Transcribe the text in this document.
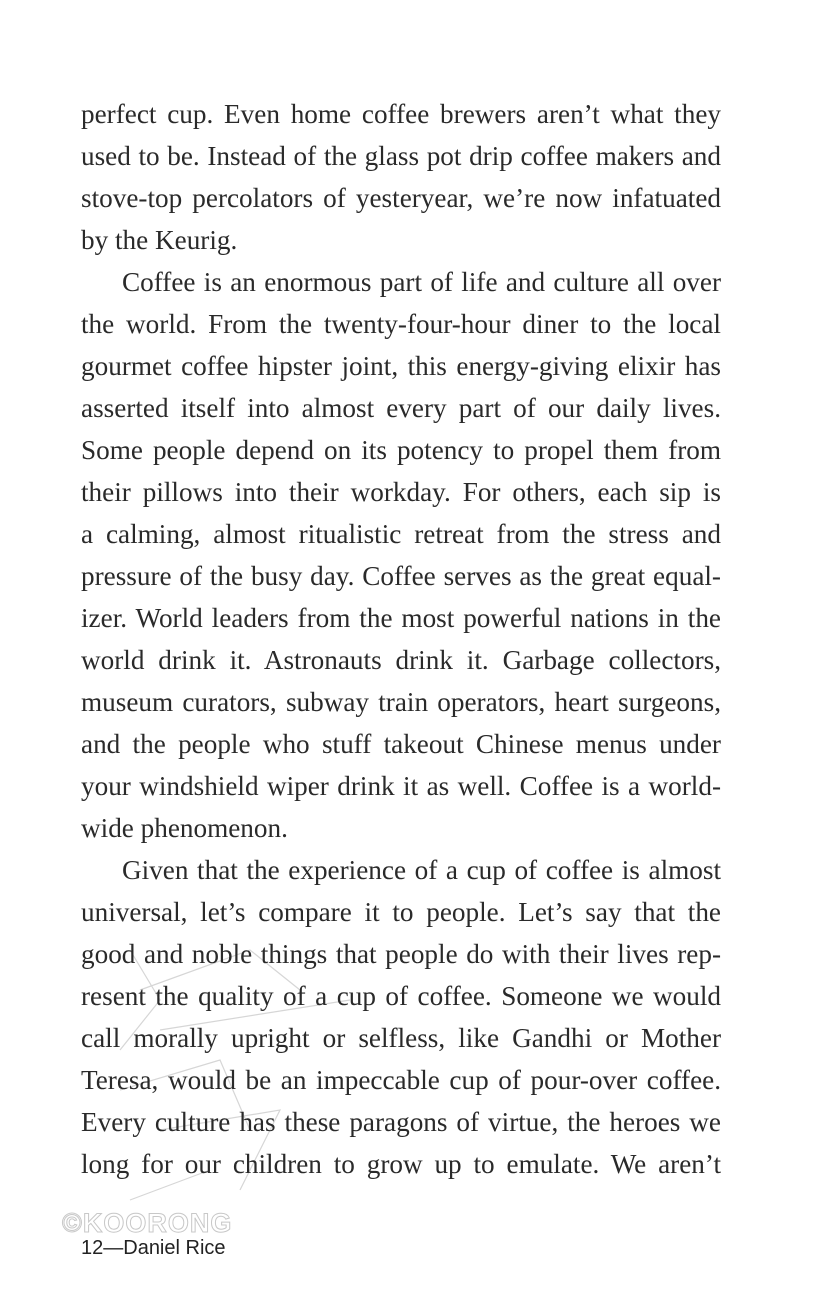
perfect cup. Even home coffee brewers aren’t what they
used to be. Instead of the glass pot drip coffee makers and
stove-top percolators of yesteryear, we’re now infatuated
by the Keurig.
Coffee is an enormous part of life and culture all over
the world. From the twenty-four-hour diner to the local
gourmet coffee hipster joint, this energy-giving elixir has
asserted itself into almost every part of our daily lives.
Some people depend on its potency to propel them from
their pillows into their workday. For others, each sip is
a calming, almost ritualistic retreat from the stress and
pressure of the busy day. Coffee serves as the great equal-
izer. World leaders from the most powerful nations in the
world drink it. Astronauts drink it. Garbage collectors,
museum curators, subway train operators, heart surgeons,
and the people who stuff takeout Chinese menus under
your windshield wiper drink it as well. Coffee is a world-
wide phenomenon.
Given that the experience of a cup of coffee is almost
universal, let’s compare it to people. Let’s say that the
good and noble things that people do with their lives rep-
resent the quality of a cup of coffee. Someone we would
call morally upright or selfless, like Gandhi or Mother
Teresa, would be an impeccable cup of pour-over coffee.
Every culture has these paragons of virtue, the heroes we
long for our children to grow up to emulate. We aren’t
©KOORONG
12—Daniel Rice
